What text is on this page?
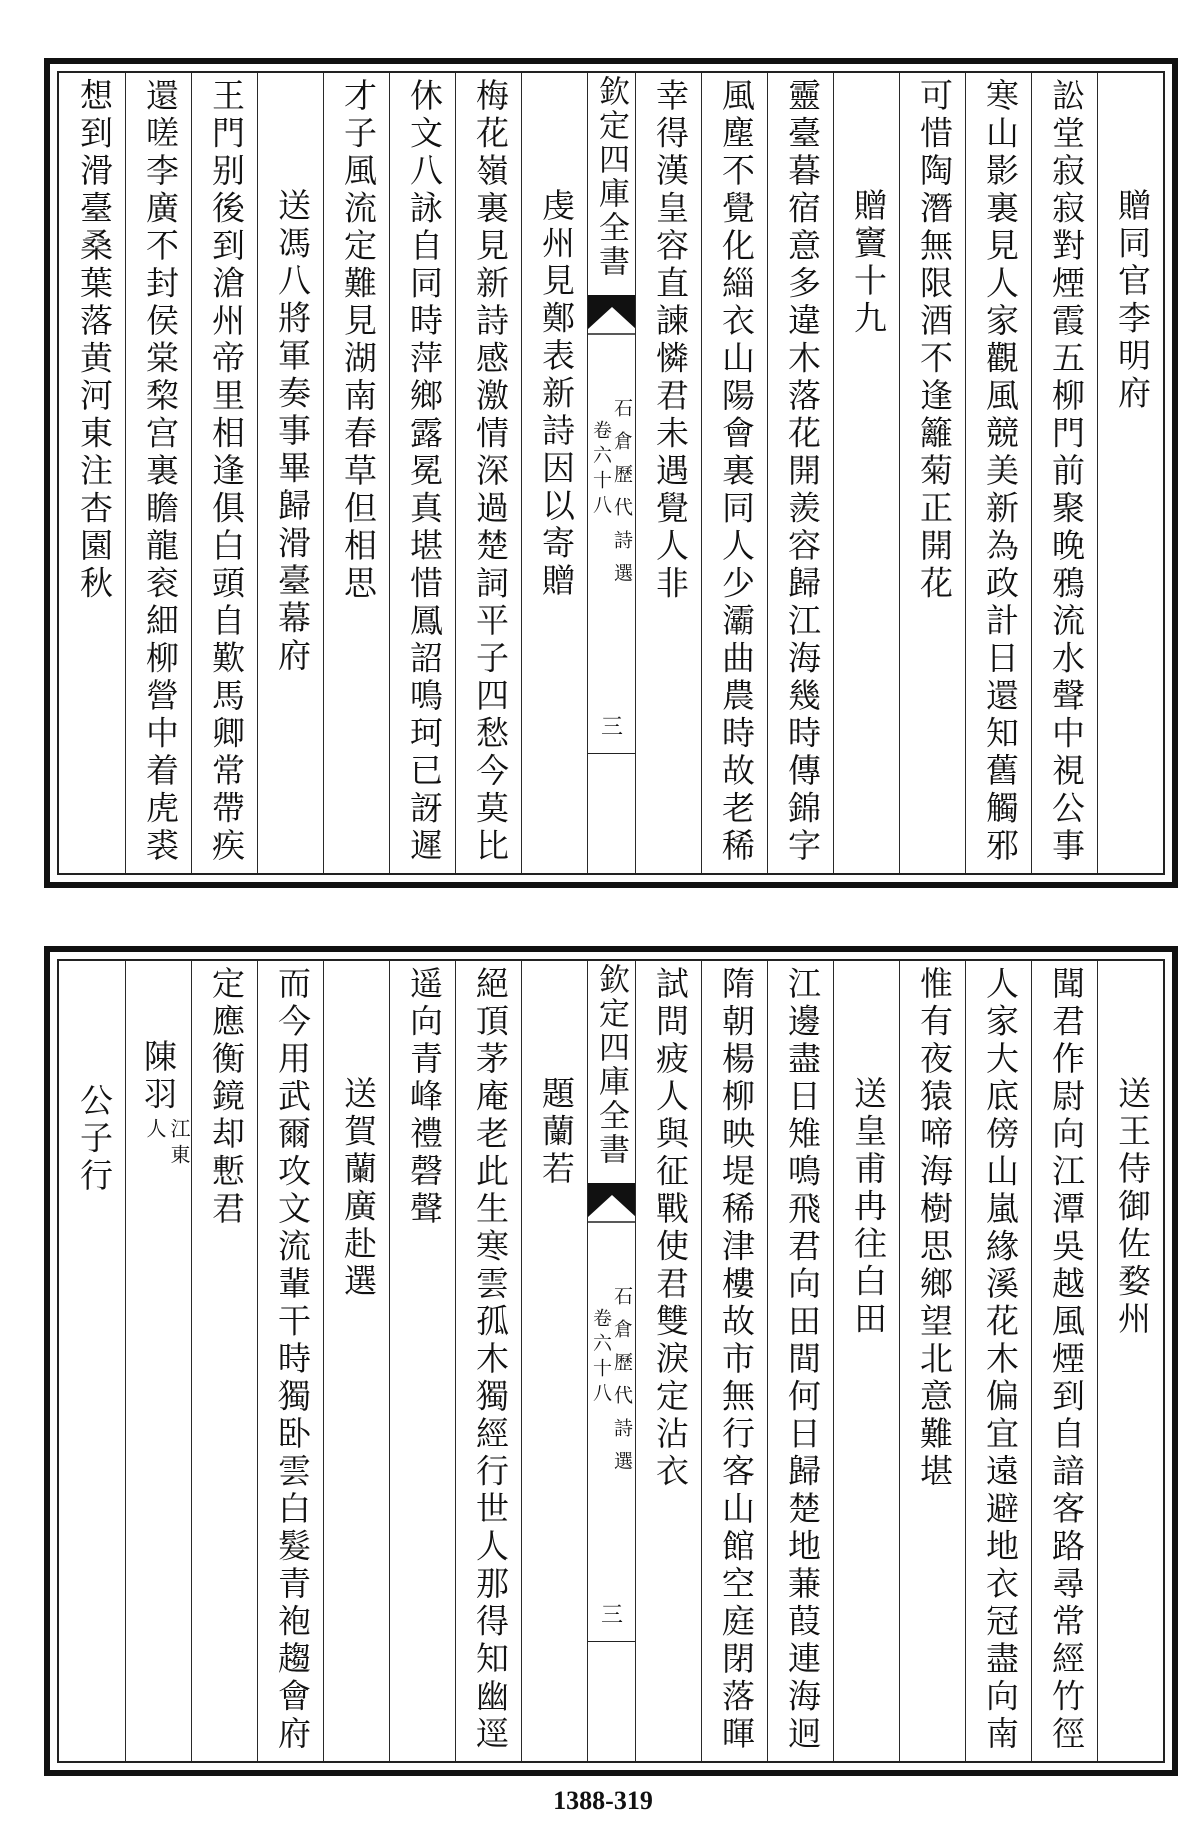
贈同官李明府
訟堂寂寂對煙霞五柳門前聚晚鴉流水聲中視公事
寒山影裏見人家觀風競美新為政計日還知舊觸邪
可惜陶潛無限酒不逢籬菊正開花
贈竇十九
靈臺暮宿意多違木落花開羨容歸江海幾時傳錦字
風塵不覺化緇衣山陽會裏同人少灞曲農時故老稀
幸得漢皇容直諫憐君未遇覺人非
欽定四庫全書
石倉歷代詩選
卷六十八
三
虔州見鄭表新詩因以寄贈
梅花嶺裏見新詩感激情深過楚詞平子四愁今莫比
休文八詠自同時萍鄉露冕真堪惜鳳詔鳴珂已訝遲
才子風流定難見湖南春草但相思
送馮八將軍奏事畢歸滑臺幕府
王門别後到滄州帝里相逢俱白頭自歎馬卿常帶疾
還嗟李廣不封侯棠棃宫裏瞻龍衮細柳營中着虎裘
想到滑臺桑葉落黄河東注杏園秋
送王侍御佐婺州
聞君作尉向江潭吳越風煙到自諳客路尋常經竹徑
人家大底傍山嵐緣溪花木偏宜遠避地衣冠盡向南
惟有夜猿啼海樹思鄉望北意難堪
送皇甫冉往白田
江邊盡日雉鳴飛君向田間何日歸楚地蒹葭連海迥
隋朝楊柳映堤稀津樓故市無行客山館空庭閉落暉
試問疲人與征戰使君雙淚定沾衣
欽定四庫全書
石倉歷代詩選
卷六十八
三
題蘭若
絕頂茅庵老此生寒雲孤木獨經行世人那得知幽逕
遥向青峰禮磬聲
送賀蘭廣赴選
而今用武爾攻文流輩干時獨卧雲白髮青袍趨會府
定應衡鏡却慙君
陳羽
江東
人
公子行
1388-319
